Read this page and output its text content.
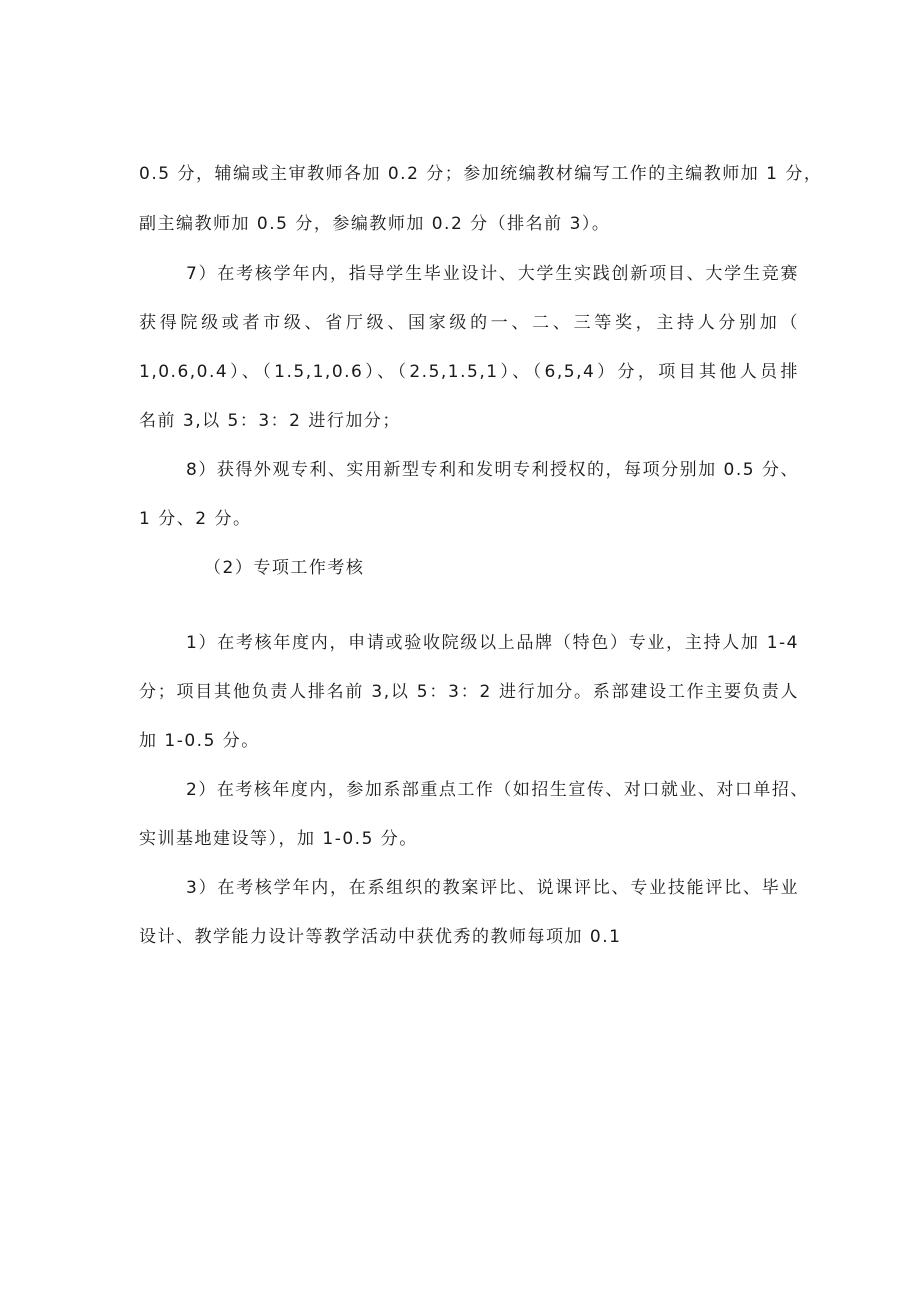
0.5 分，辅编或主审教师各加 0.2 分；参加统编教材编写工作的主编教师加 1 分，
副主编教师加 0.5 分，参编教师加 0.2 分（排名前 3）。
7）在考核学年内，指导学生毕业设计、大学生实践创新项目、大学生竞赛
获得院级或者市级、省厅级、国家级的一、二、三等奖，主持人分别加（
1,0.6,0.4）、（1.5,1,0.6）、（2.5,1.5,1）、（6,5,4）分，项目其他人员排
名前 3,以 5：3：2 进行加分；
8）获得外观专利、实用新型专利和发明专利授权的，每项分别加 0.5 分、
1 分、2 分。
（2）专项工作考核
1）在考核年度内，申请或验收院级以上品牌（特色）专业，主持人加 1-4
分；项目其他负责人排名前 3,以 5：3：2 进行加分。系部建设工作主要负责人
加 1-0.5 分。
2）在考核年度内，参加系部重点工作（如招生宣传、对口就业、对口单招、
实训基地建设等），加 1-0.5 分。
3）在考核学年内，在系组织的教案评比、说课评比、专业技能评比、毕业
设计、教学能力设计等教学活动中获优秀的教师每项加 0.1
